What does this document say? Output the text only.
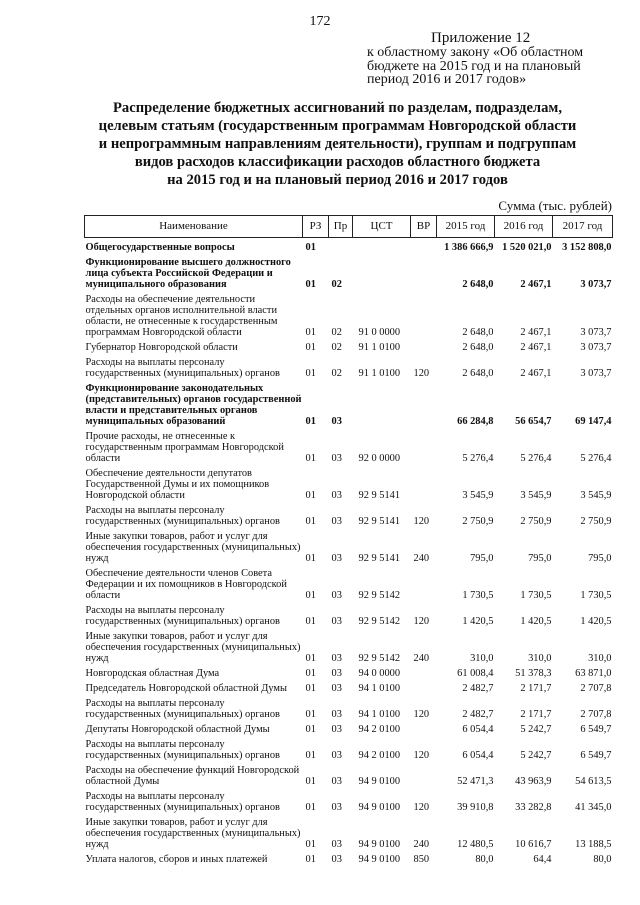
172
Приложение 12
к областному закону «Об областном
бюджете на 2015 год и на плановый
период 2016 и 2017 годов»
Распределение бюджетных ассигнований по разделам, подразделам,
целевым статьям (государственным программам Новгородской области
и непрограммным направлениям деятельности), группам и подгруппам
видов расходов классификации расходов областного бюджета
на 2015 год и на плановый период 2016 и 2017 годов
Сумма (тыс. рублей)
Наименование	РЗ	Пр	ЦСТ	ВР	2015 год	2016 год	2017 год
Общегосударственные вопросы	01				1 386 666,9	1 520 021,0	3 152 808,0
Функционирование высшего должностного лица субъекта Российской Федерации и муниципального образования	01	02			2 648,0	2 467,1	3 073,7
Расходы на обеспечение деятельности отдельных органов исполнительной власти области, не отнесенные к государственным программам Новгородской области	01	02	91 0 0000		2 648,0	2 467,1	3 073,7
Губернатор Новгородской области	01	02	91 1 0100		2 648,0	2 467,1	3 073,7
Расходы на выплаты персоналу государственных (муниципальных) органов	01	02	91 1 0100	120	2 648,0	2 467,1	3 073,7
Функционирование законодательных (представительных) органов государственной власти и представительных органов муниципальных образований	01	03			66 284,8	56 654,7	69 147,4
Прочие расходы, не отнесенные к государственным программам Новгородской области	01	03	92 0 0000		5 276,4	5 276,4	5 276,4
Обеспечение деятельности депутатов Государственной Думы и их помощников Новгородской области	01	03	92 9 5141		3 545,9	3 545,9	3 545,9
Расходы на выплаты персоналу государственных (муниципальных) органов	01	03	92 9 5141	120	2 750,9	2 750,9	2 750,9
Иные закупки товаров, работ и услуг для обеспечения государственных (муниципальных) нужд	01	03	92 9 5141	240	795,0	795,0	795,0
Обеспечение деятельности членов Совета Федерации и их помощников в Новгородской области	01	03	92 9 5142		1 730,5	1 730,5	1 730,5
Расходы на выплаты персоналу государственных (муниципальных) органов	01	03	92 9 5142	120	1 420,5	1 420,5	1 420,5
Иные закупки товаров, работ и услуг для обеспечения государственных (муниципальных) нужд	01	03	92 9 5142	240	310,0	310,0	310,0
Новгородская областная Дума	01	03	94 0 0000		61 008,4	51 378,3	63 871,0
Председатель Новгородской областной Думы	01	03	94 1 0100		2 482,7	2 171,7	2 707,8
Расходы на выплаты персоналу государственных (муниципальных) органов	01	03	94 1 0100	120	2 482,7	2 171,7	2 707,8
Депутаты Новгородской областной Думы	01	03	94 2 0100		6 054,4	5 242,7	6 549,7
Расходы на выплаты персоналу государственных (муниципальных) органов	01	03	94 2 0100	120	6 054,4	5 242,7	6 549,7
Расходы на обеспечение функций Новгородской областной Думы	01	03	94 9 0100		52 471,3	43 963,9	54 613,5
Расходы на выплаты персоналу государственных (муниципальных) органов	01	03	94 9 0100	120	39 910,8	33 282,8	41 345,0
Иные закупки товаров, работ и услуг для обеспечения государственных (муниципальных) нужд	01	03	94 9 0100	240	12 480,5	10 616,7	13 188,5
Уплата налогов, сборов и иных платежей	01	03	94 9 0100	850	80,0	64,4	80,0
